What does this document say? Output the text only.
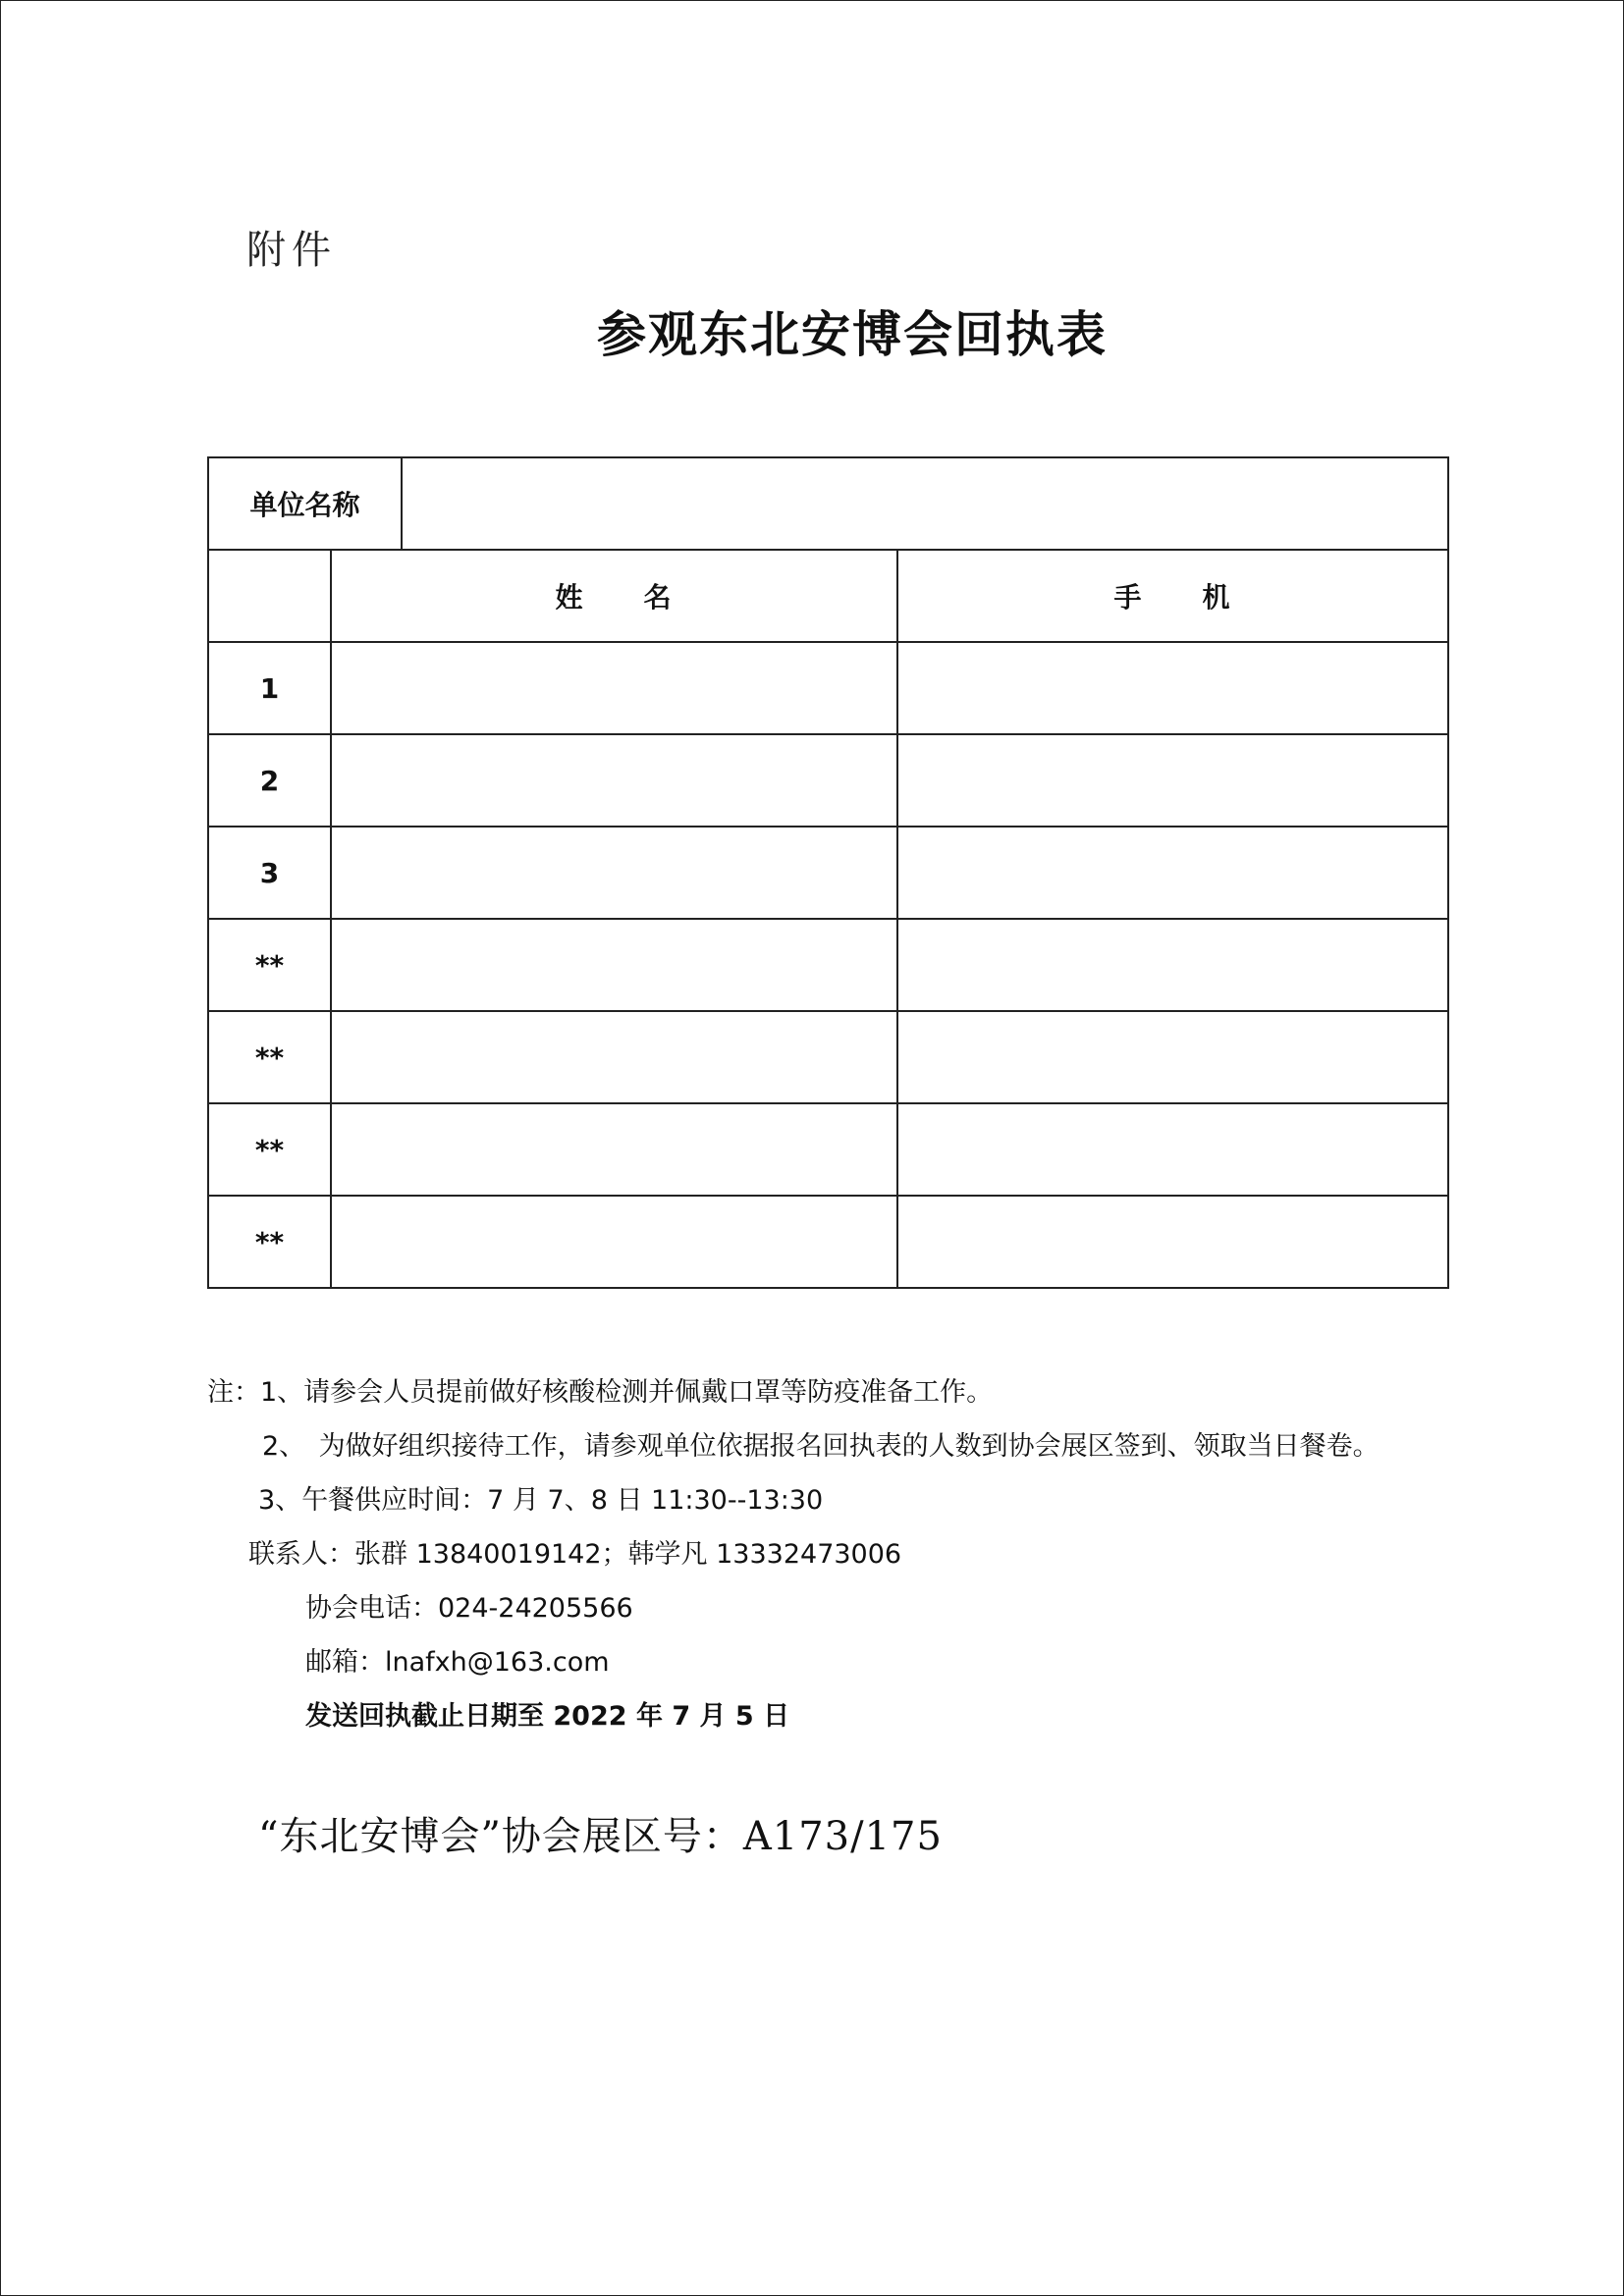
附件
参观东北安博会回执表
单位名称			
	姓　　名		手　　机
1			
2			
3			
**			
**			
**			
**			
注：1、请参会人员提前做好核酸检测并佩戴口罩等防疫准备工作。
2、　为做好组织接待工作，请参观单位依据报名回执表的人数到协会展区签到、领取当日餐卷。
3、午餐供应时间：7 月 7、8 日 11:30--13:30
联系人：张群 13840019142；韩学凡 13332473006
协会电话：024-24205566
邮箱：lnafxh@163.com
发送回执截止日期至 2022 年 7 月 5 日
“东北安博会”协会展区号：A173/175
